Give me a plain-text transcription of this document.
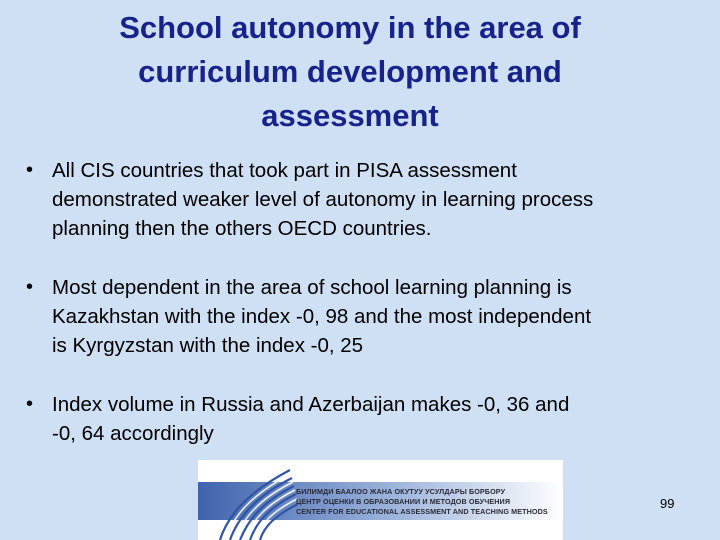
School autonomy in the area of
curriculum development and
assessment
• All CIS countries that took part in PISA assessment
demonstrated weaker level of autonomy in learning process
planning then the others OECD countries.
• Most dependent in the area of school learning planning is
Kazakhstan with the index -0, 98 and the most independent
is Kyrgyzstan with the index -0, 25
• Index volume in Russia and Azerbaijan makes -0, 36 and
-0, 64 accordingly
БИЛИМДИ БААЛОО ЖАНА ОКУТУУ УСУЛДАРЫ БОРБОРУ
ЦЕНТР ОЦЕНКИ В ОБРАЗОВАНИИ И МЕТОДОВ ОБУЧЕНИЯ
CENTER FOR EDUCATIONAL ASSESSMENT AND TEACHING METHODS
99
